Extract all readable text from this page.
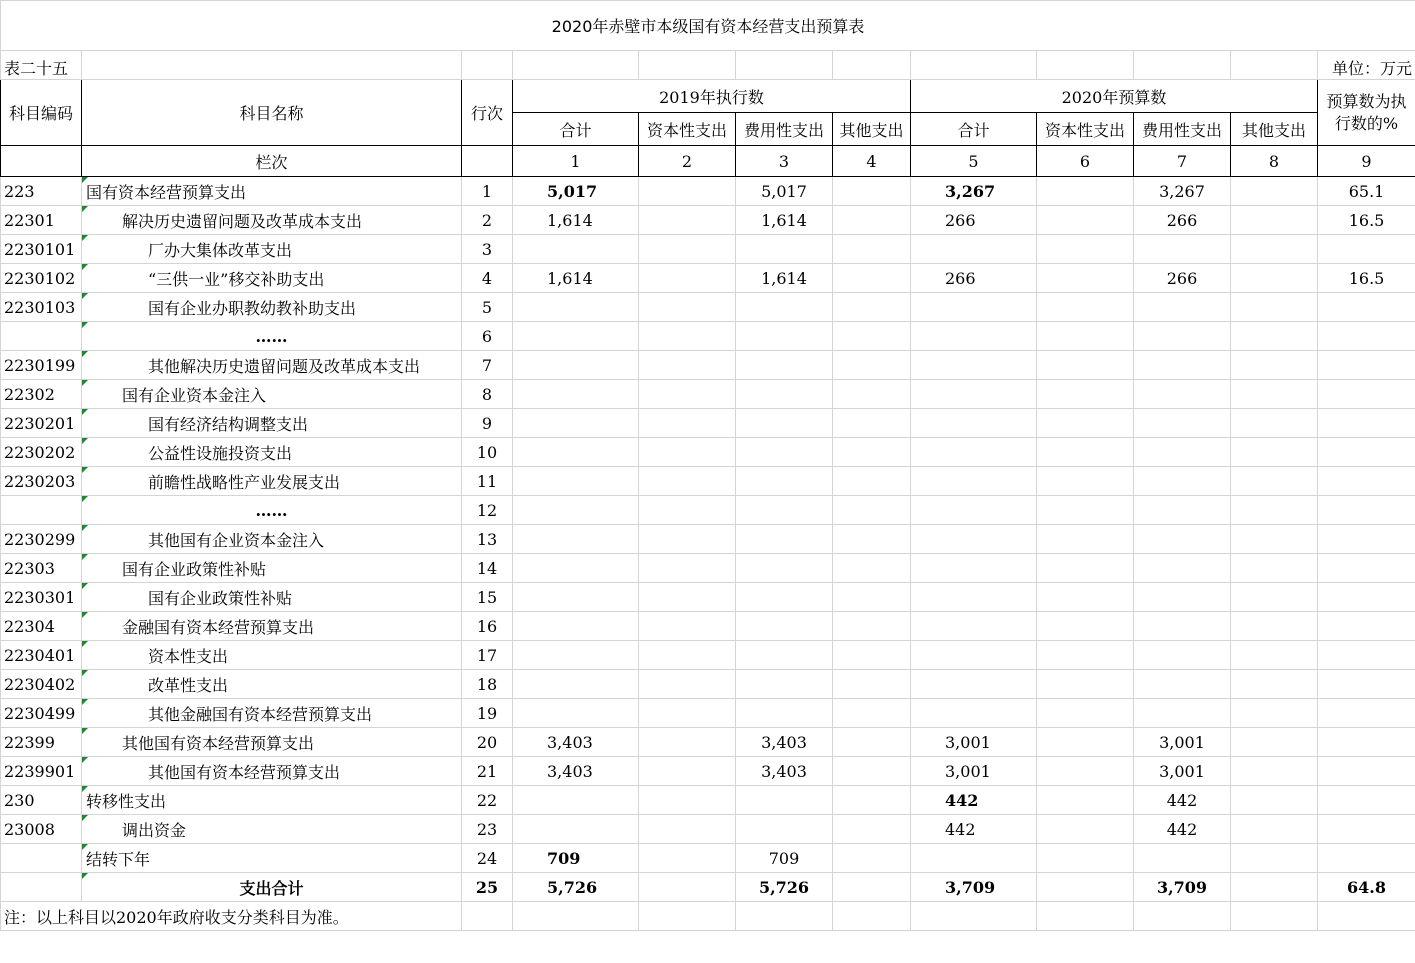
2020年赤壁市本级国有资本经营支出预算表											
表二十五											单位：万元
科目编码	科目名称	行次	2019年执行数				2020年预算数				预算数为执行数的%
			合计	资本性支出	费用性支出	其他支出	合计	资本性支出	费用性支出	其他支出	
	栏次		1	2	3	4	5	6	7	8	9
223	国有资本经营预算支出	1	5,017		5,017		3,267		3,267		65.1
22301	解决历史遗留问题及改革成本支出	2	1,614		1,614		266		266		16.5
2230101	厂办大集体改革支出	3									
2230102	“三供一业”移交补助支出	4	1,614		1,614		266		266		16.5
2230103	国有企业办职教幼教补助支出	5									
	……	6									
2230199	其他解决历史遗留问题及改革成本支出	7									
22302	国有企业资本金注入	8									
2230201	国有经济结构调整支出	9									
2230202	公益性设施投资支出	10									
2230203	前瞻性战略性产业发展支出	11									
	……	12									
2230299	其他国有企业资本金注入	13									
22303	国有企业政策性补贴	14									
2230301	国有企业政策性补贴	15									
22304	金融国有资本经营预算支出	16									
2230401	资本性支出	17									
2230402	改革性支出	18									
2230499	其他金融国有资本经营预算支出	19									
22399	其他国有资本经营预算支出	20	3,403		3,403		3,001		3,001		
2239901	其他国有资本经营预算支出	21	3,403		3,403		3,001		3,001		
230	转移性支出	22					442		442		
23008	调出资金	23					442		442		
	结转下年	24	709		709						
	支出合计	25	5,726		5,726		3,709		3,709		64.8
注：以上科目以2020年政府收支分类科目为准。											
